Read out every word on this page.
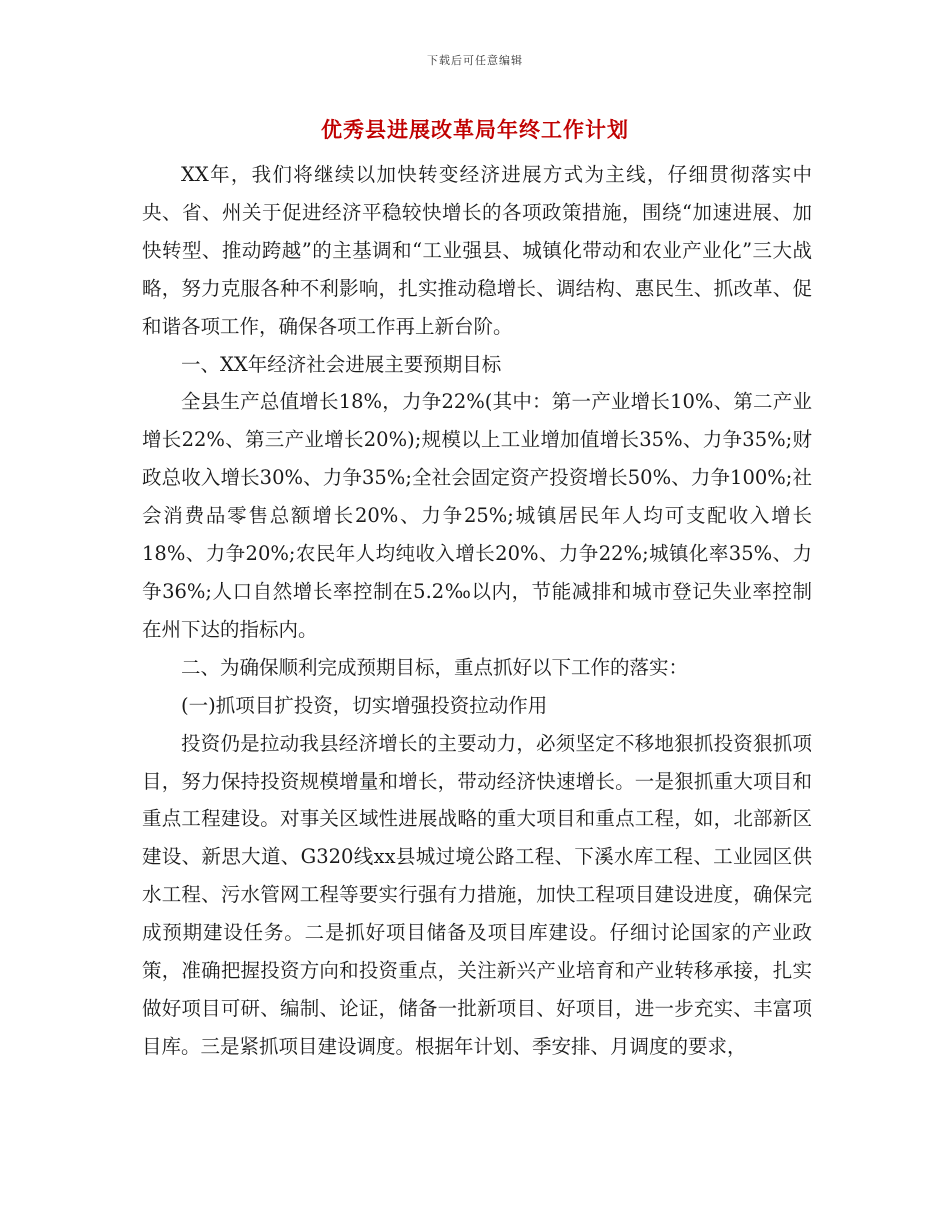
下载后可任意编辑
优秀县进展改革局年终工作计划

XX年，我们将继续以加快转变经济进展方式为主线，仔细贯彻落实中央、省、州关于促进经济平稳较快增长的各项政策措施，围绕“加速进展、加快转型、推动跨越”的主基调和“工业强县、城镇化带动和农业产业化”三大战略，努力克服各种不利影响，扎实推动稳增长、调结构、惠民生、抓改革、促和谐各项工作，确保各项工作再上新台阶。

一、XX年经济社会进展主要预期目标

全县生产总值增长18%，力争22%(其中：第一产业增长10%、第二产业增长22%、第三产业增长20%);规模以上工业增加值增长35%、力争35%;财政总收入增长30%、力争35%;全社会固定资产投资增长50%、力争100%;社会消费品零售总额增长20%、力争25%;城镇居民年人均可支配收入增长18%、力争20%;农民年人均纯收入增长20%、力争22%;城镇化率35%、力争36%;人口自然增长率控制在5.2‰以内，节能减排和城市登记失业率控制在州下达的指标内。

二、为确保顺利完成预期目标，重点抓好以下工作的落实：

(一)抓项目扩投资，切实增强投资拉动作用

投资仍是拉动我县经济增长的主要动力，必须坚定不移地狠抓投资狠抓项目，努力保持投资规模增量和增长，带动经济快速增长。一是狠抓重大项目和重点工程建设。对事关区域性进展战略的重大项目和重点工程，如，北部新区建设、新思大道、G320线xx县城过境公路工程、下溪水库工程、工业园区供水工程、污水管网工程等要实行强有力措施，加快工程项目建设进度，确保完成预期建设任务。二是抓好项目储备及项目库建设。仔细讨论国家的产业政策，准确把握投资方向和投资重点，关注新兴产业培育和产业转移承接，扎实做好项目可研、编制、论证，储备一批新项目、好项目，进一步充实、丰富项目库。三是紧抓项目建设调度。根据年计划、季安排、月调度的要求，
